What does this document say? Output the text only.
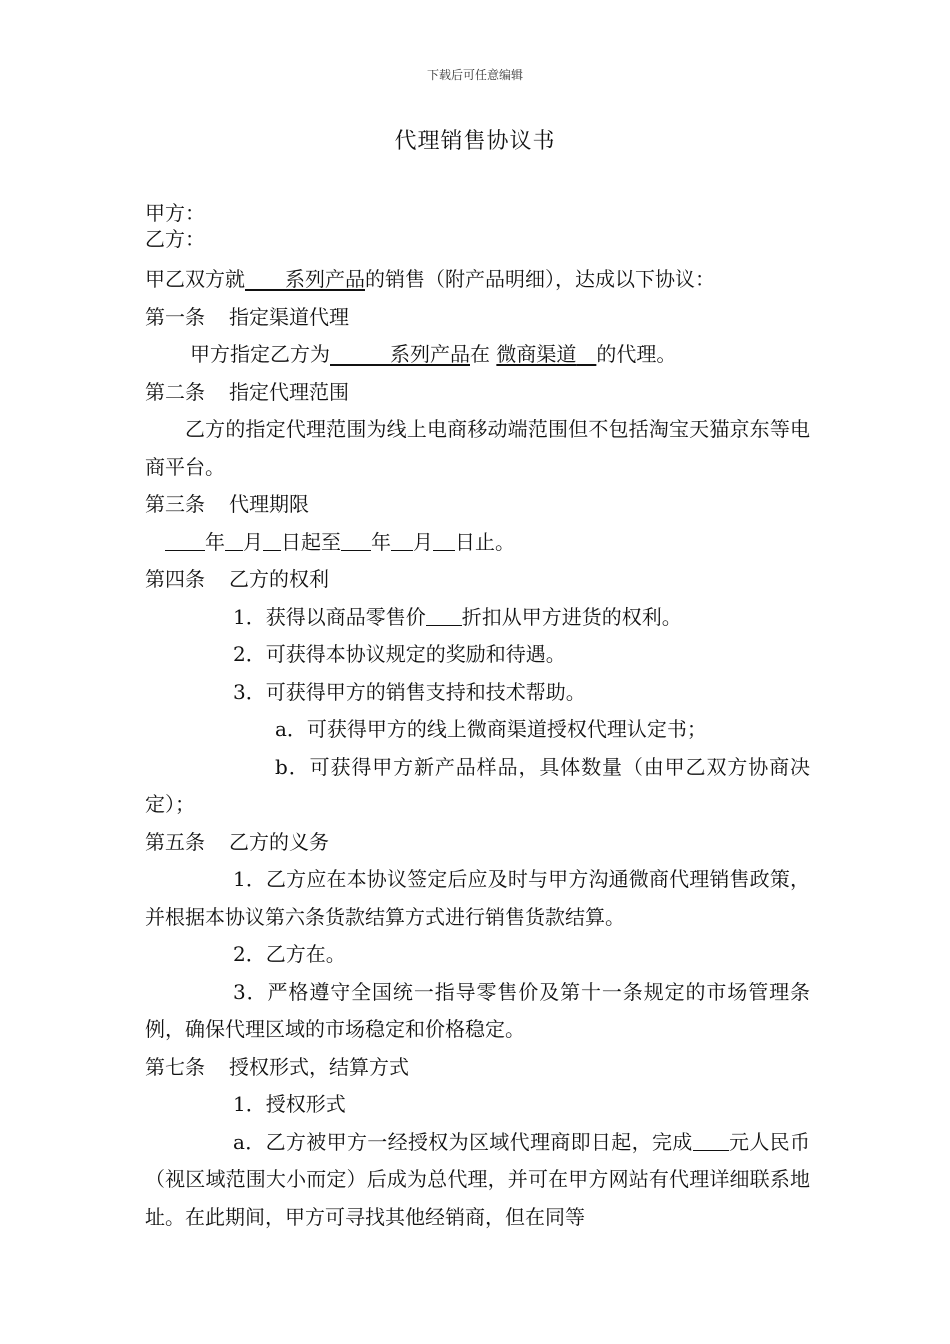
下载后可任意编辑
代理销售协议书
甲方：
乙方：
甲乙双方就   系列产品的销售（附产品明细），达成以下协议：
第一条 指定渠道代理
甲方指定乙方为   	系列产品在 微商渠道  的代理。
第二条 指定代理范围
乙方的指定代理范围为线上电商移动端范围但不包括淘宝天猫京东等电商平台。
第三条 代理期限
年 月 日起至 年 月 日止。
第四条 乙方的权利
1．获得以商品零售价 折扣从甲方进货的权利。
2．可获得本协议规定的奖励和待遇。
3．可获得甲方的销售支持和技术帮助。
a．可获得甲方的线上微商渠道授权代理认定书；
b．可获得甲方新产品样品，具体数量（由甲乙双方协商决定）；
第五条 乙方的义务
1．乙方应在本协议签定后应及时与甲方沟通微商代理销售政策，并根据本协议第六条货款结算方式进行销售货款结算。
2．乙方在。
3．严格遵守全国统一指导零售价及第十一条规定的市场管理条例，确保代理区域的市场稳定和价格稳定。
第七条 授权形式，结算方式
1．授权形式
a．乙方被甲方一经授权为区域代理商即日起，完成 元人民币（视区域范围大小而定）后成为总代理，并可在甲方网站有代理详细联系地址。在此期间，甲方可寻找其他经销商，但在同等
